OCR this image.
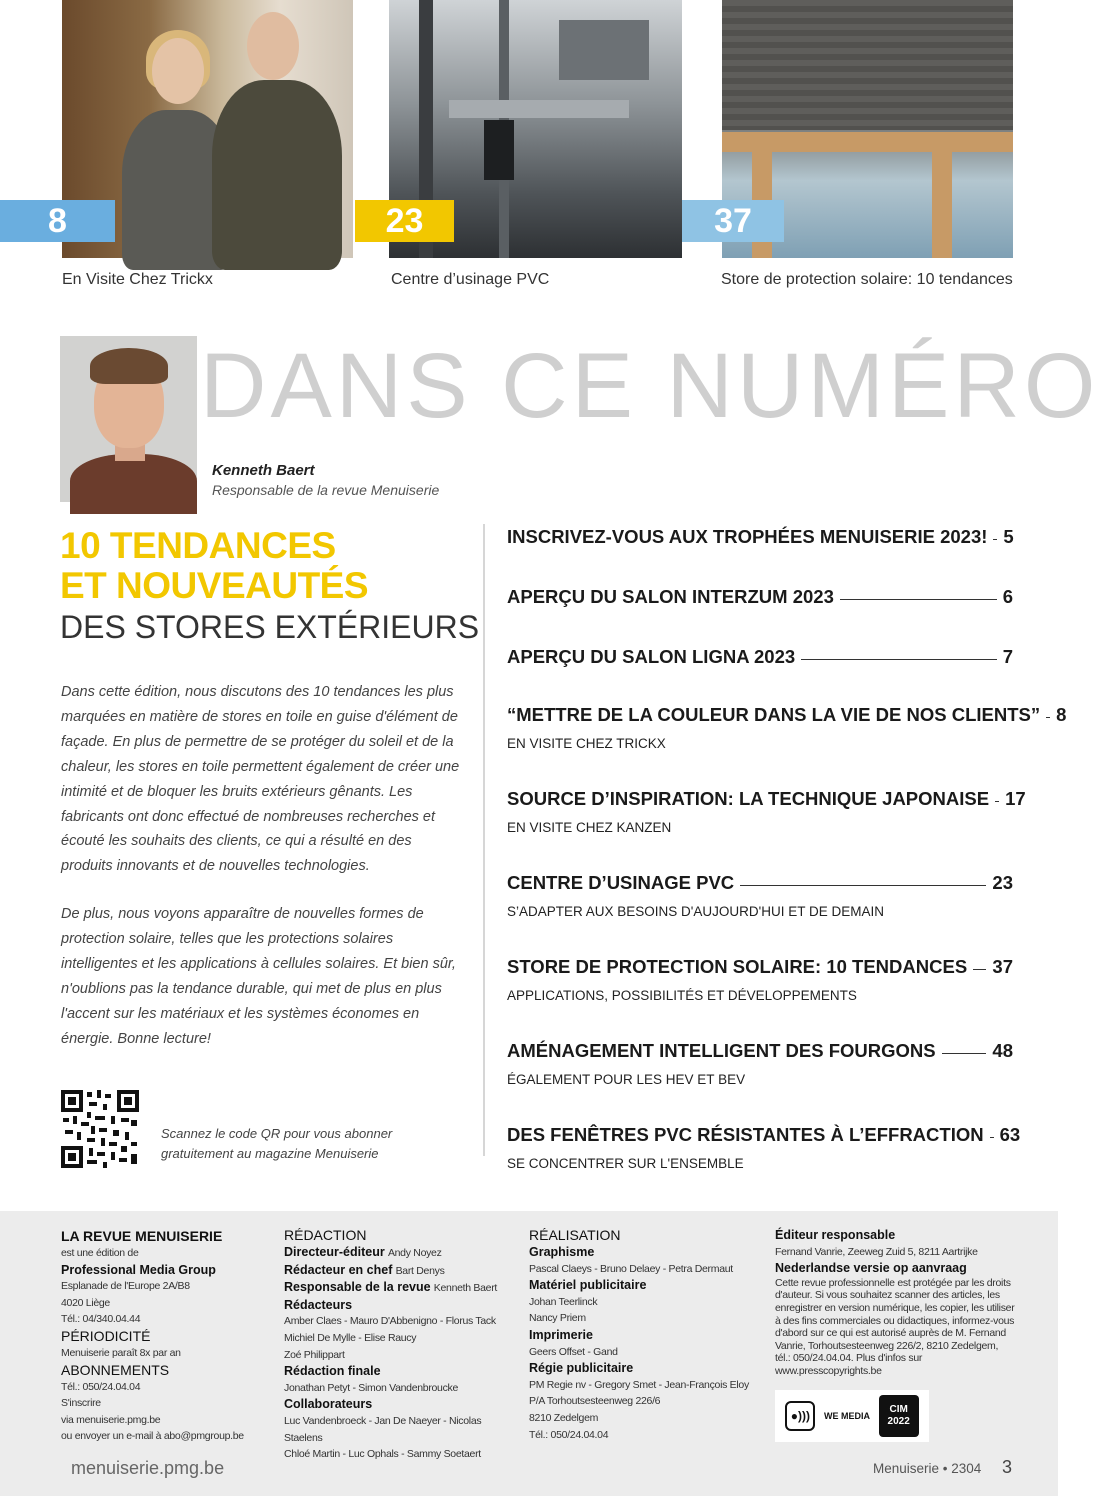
8	23	37
En Visite Chez Trickx	Centre d’usinage PVC	Store de protection solaire: 10 tendances
DANS CE NUMÉRO
Kenneth Baert
Responsable de la revue Menuiserie
10 TENDANCES
ET NOUVEAUTÉS
DES STORES EXTÉRIEURS

Dans cette édition, nous discutons des 10 tendances les plus marquées en matière de stores en toile en guise d'élément de façade. En plus de permettre de se protéger du soleil et de la chaleur, les stores en toile permettent également de créer une intimité et de bloquer les bruits extérieurs gênants. Les fabricants ont donc effectué de nombreuses recherches et écouté les souhaits des clients, ce qui a résulté en des produits innovants et de nouvelles technologies.

De plus, nous voyons apparaître de nouvelles formes de protection solaire, telles que les protections solaires intelligentes et les applications à cellules solaires. Et bien sûr, n'oublions pas la tendance durable, qui met de plus en plus l'accent sur les matériaux et les systèmes économes en énergie. Bonne lecture!

Scannez le code QR pour vous abonner gratuitement au magazine Menuiserie

INSCRIVEZ-VOUS AUX TROPHÉES MENUISERIE 2023! 5
APERÇU DU SALON INTERZUM 2023	6
APERÇU DU SALON LIGNA 2023	7
“METTRE DE LA COULEUR DANS LA VIE DE NOS CLIENTS” 8
EN VISITE CHEZ TRICKX
SOURCE D’INSPIRATION: LA TECHNIQUE JAPONAISE 17
EN VISITE CHEZ KANZEN
CENTRE D’USINAGE PVC	23
S’ADAPTER AUX BESOINS D'AUJOURD'HUI ET DE DEMAIN
STORE DE PROTECTION SOLAIRE: 10 TENDANCES 37
APPLICATIONS, POSSIBILITÉS ET DÉVELOPPEMENTS
AMÉNAGEMENT INTELLIGENT DES FOURGONS	48
ÉGALEMENT POUR LES HEV ET BEV
DES FENÊTRES PVC RÉSISTANTES À L’EFFRACTION 63
SE CONCENTRER SUR L'ENSEMBLE
LA REVUE MENUISERIE
est une édition de
Professional Media Group
Esplanade de l'Europe 2A/B8
4020 Liège
Tél.: 04/340.04.44
PÉRIODICITÉ
Menuiserie paraît 8x par an
ABONNEMENTS
Tél.: 050/24.04.04
S'inscrire
via menuiserie.pmg.be
ou envoyer un e-mail à abo@pmgroup.be
RÉDACTION
Directeur-éditeur Andy Noyez
Rédacteur en chef Bart Denys
Responsable de la revue Kenneth Baert
Rédacteurs
Amber Claes - Mauro D'Abbenigno - Florus Tack
Michiel De Mylle - Elise Raucy
Zoé Philippart
Rédaction finale
Jonathan Petyt - Simon Vandenbroucke
Collaborateurs
Luc Vandenbroeck - Jan De Naeyer - Nicolas Staelens
Chloé Martin - Luc Ophals - Sammy Soetaert
RÉALISATION
Graphisme
Pascal Claeys - Bruno Delaey - Petra Dermaut
Matériel publicitaire
Johan Teerlinck
Nancy Priem
Imprimerie
Geers Offset - Gand
Régie publicitaire
PM Regie nv - Gregory Smet - Jean-François Eloy
P/A Torhoutsesteenweg 226/6
8210 Zedelgem
Tél.: 050/24.04.04
Éditeur responsable
Fernand Vanrie, Zeeweg Zuid 5, 8211 Aartrijke
Nederlandse versie op aanvraag
Cette revue professionnelle est protégée par les droits d'auteur. Si vous souhaitez scanner des articles, les enregistrer en version numérique, les copier, les utiliser à des fins commerciales ou didactiques, informez-vous d'abord sur ce qui est autorisé auprès de M. Fernand Vanrie, Torhoutsesteenweg 226/2, 8210 Zedelgem, tél.: 050/24.04.04. Plus d'infos sur www.presscopyrights.be
●)))	WE MEDIA
CIM
2022
menuiserie.pmg.be	Menuiserie • 2304 3
